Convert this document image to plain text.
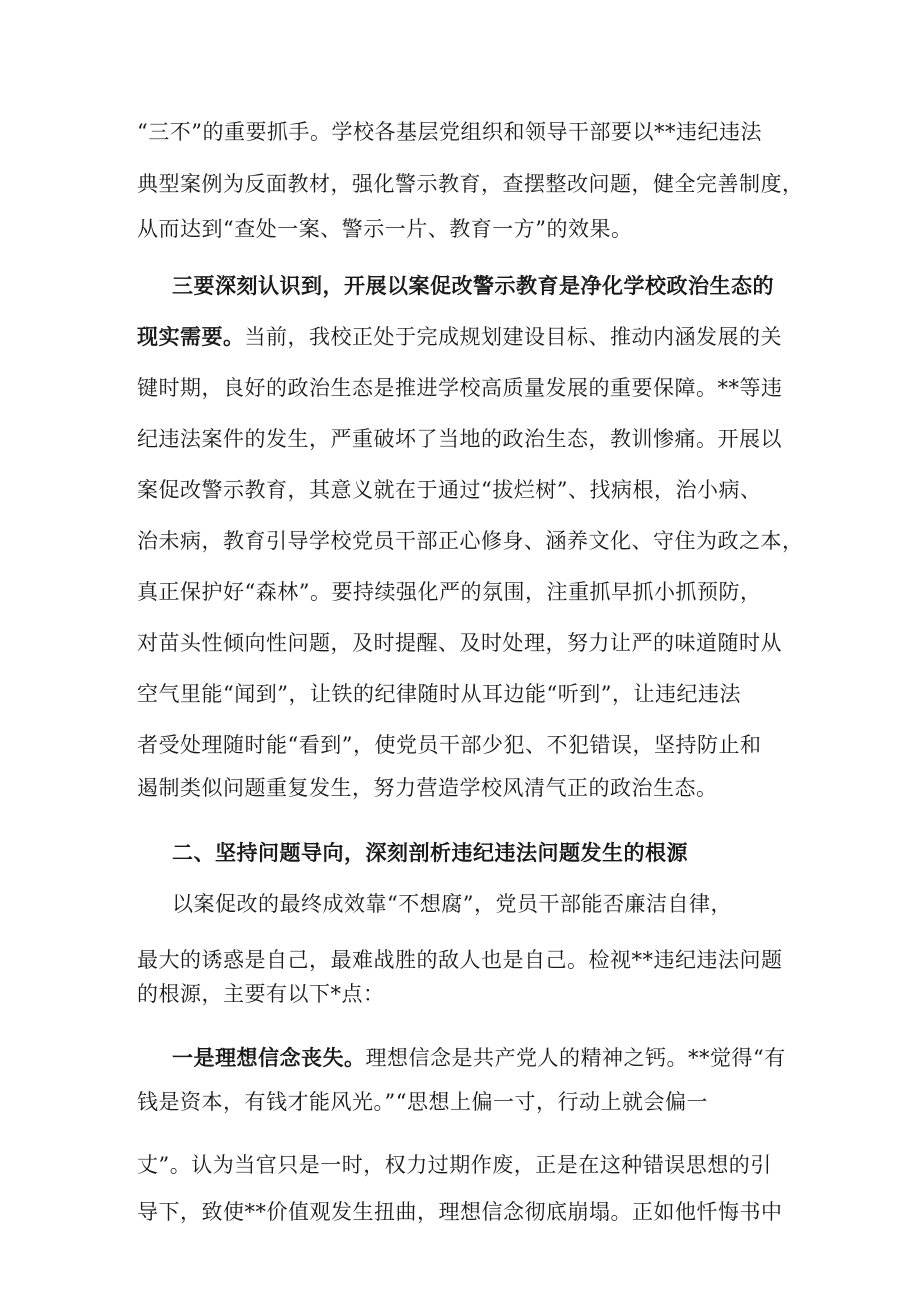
“三不”的重要抓手。学校各基层党组织和领导干部要以**违纪违法
典型案例为反面教材，强化警示教育，查摆整改问题，健全完善制度，
从而达到“查处一案、警示一片、教育一方”的效果。
三要深刻认识到，开展以案促改警示教育是净化学校政治生态的
现实需要。当前，我校正处于完成规划建设目标、推动内涵发展的关
键时期，良好的政治生态是推进学校高质量发展的重要保障。**等违
纪违法案件的发生，严重破坏了当地的政治生态，教训惨痛。开展以
案促改警示教育，其意义就在于通过“拔烂树”、找病根，治小病、
治未病，教育引导学校党员干部正心修身、涵养文化、守住为政之本，
真正保护好“森林”。要持续强化严的氛围，注重抓早抓小抓预防，
对苗头性倾向性问题，及时提醒、及时处理，努力让严的味道随时从
空气里能“闻到”，让铁的纪律随时从耳边能“听到”，让违纪违法
者受处理随时能“看到”，使党员干部少犯、不犯错误，坚持防止和
遏制类似问题重复发生，努力营造学校风清气正的政治生态。
二、坚持问题导向，深刻剖析违纪违法问题发生的根源
以案促改的最终成效靠“不想腐”，党员干部能否廉洁自律，
最大的诱惑是自己，最难战胜的敌人也是自己。检视**违纪违法问题
的根源，主要有以下*点：
一是理想信念丧失。理想信念是共产党人的精神之钙。**觉得“有
钱是资本，有钱才能风光。”“思想上偏一寸，行动上就会偏一
丈”。认为当官只是一时，权力过期作废，正是在这种错误思想的引
导下，致使**价值观发生扭曲，理想信念彻底崩塌。正如他忏悔书中
